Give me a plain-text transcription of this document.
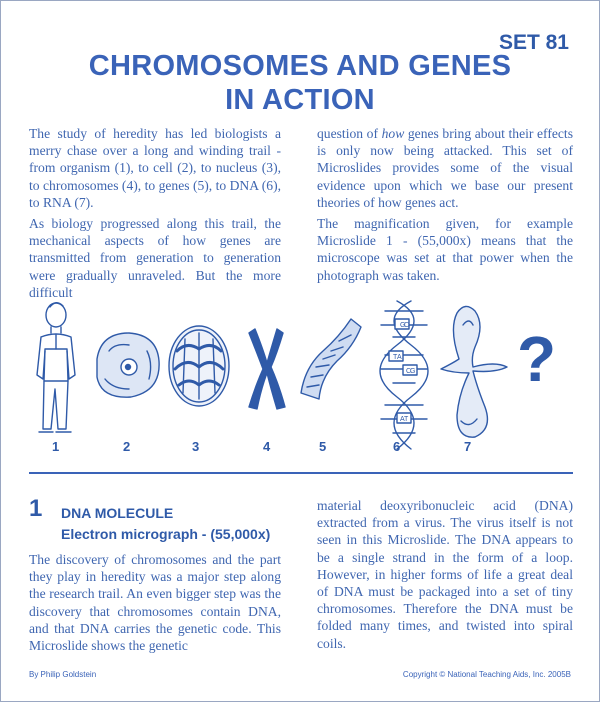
SET 81
CHROMOSOMES AND GENES
IN ACTION

The study of heredity has led biologists a merry chase over a long and winding trail - from organism (1), to cell (2), to nucleus (3), to chromosomes (4), to genes (5), to DNA (6), to RNA (7).

As biology progressed along this trail, the mechanical aspects of how genes are transmitted from generation to generation were gradually unraveled. But the more difficult

question of how genes bring about their effects is only now being attacked. This set of Microslides provides some of the visual evidence upon which we base our present theories of how genes act.

The magnification given, for example Microslide 1 - (55,000x) means that the microscope was set at that power when the photograph was taken.

G
C
T A
C
G
A T
?
1	2	3	4	5	6	7
1 DNA MOLECULE
Electron micrograph - (55,000x)

The discovery of chromosomes and the part they play in heredity was a major step along the research trail. An even bigger step was the discovery that chromosomes contain DNA, and that DNA carries the genetic code. This Microslide shows the genetic

material deoxyribonucleic acid (DNA) extracted from a virus. The virus itself is not seen in this Microslide. The DNA appears to be a single strand in the form of a loop. However, in higher forms of life a great deal of DNA must be packaged into a set of tiny chromosomes. Therefore the DNA must be folded many times, and twisted into spiral coils.

By Philip Goldstein	Copyright © National Teaching Aids, Inc. 2005B
